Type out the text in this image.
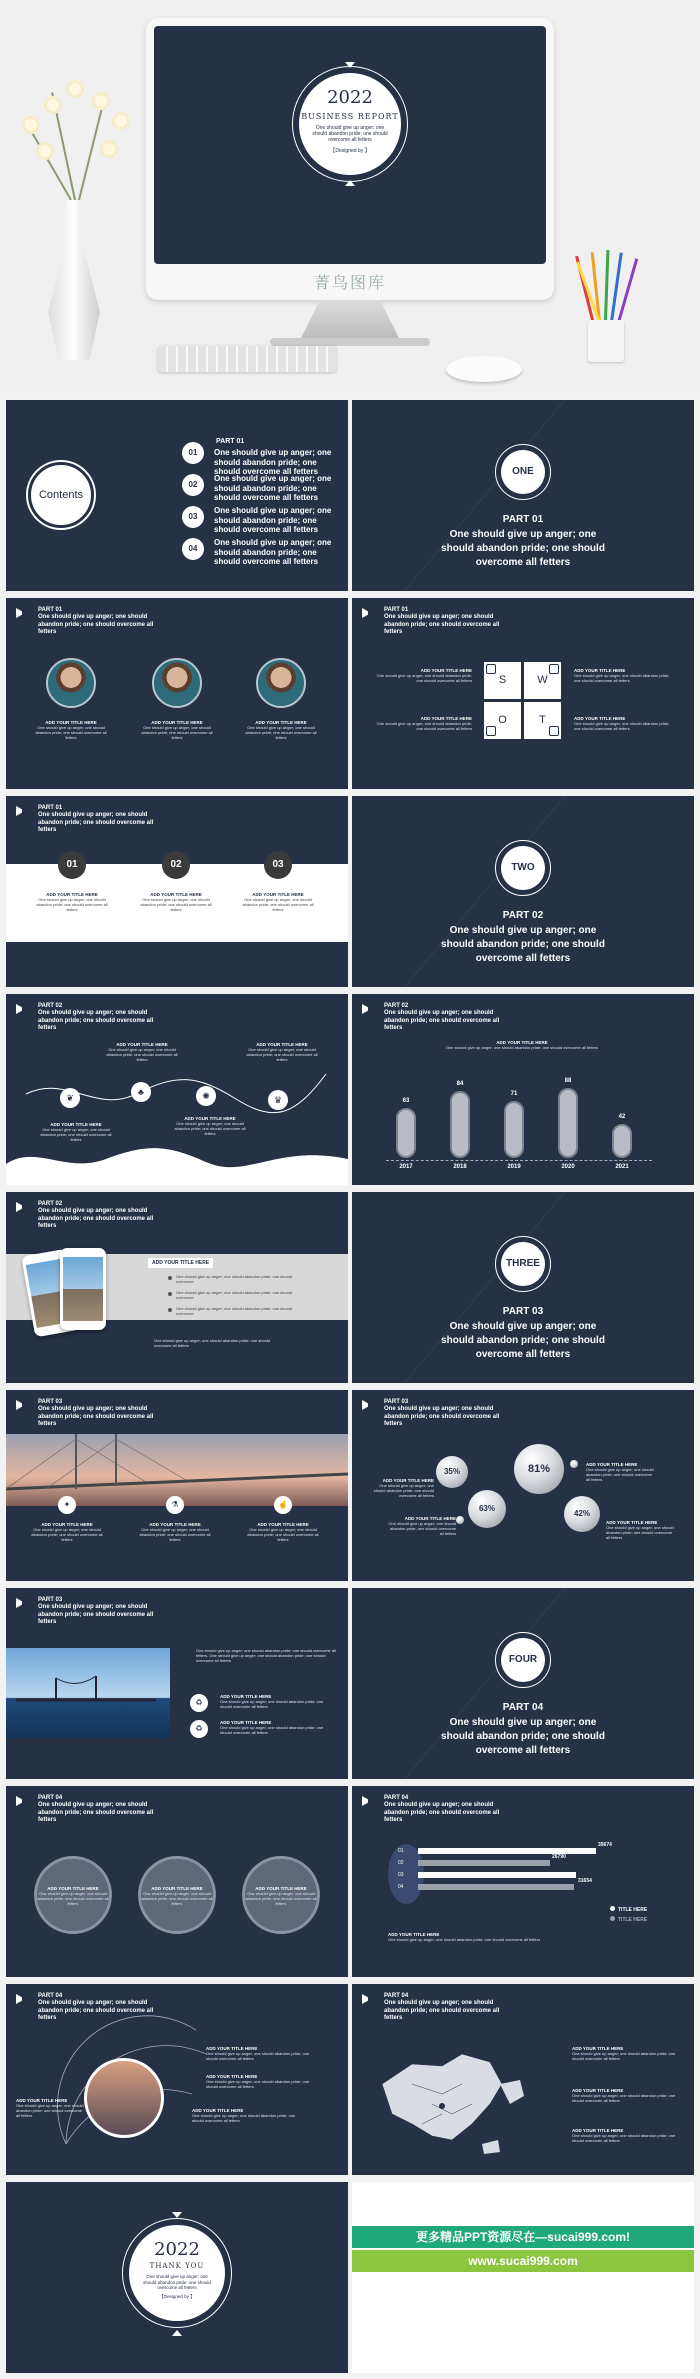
2022
BUSINESS REPORT
One should give up anger; one should abandon pride; one should overcome all fetters
【Designed by 】
菁鸟图库
Contents
PART 01
01	One should give up anger; one should abandon pride; one should overcome all fetters
02
One should give up anger; one should abandon pride; one should overcome all fetters
03
One should give up anger; one should abandon pride; one should overcome all fetters
04
One should give up anger; one should abandon pride; one should overcome all fetters
ONE
PART 01
One should give up anger; one should abandon pride; one should overcome all fetters
PART 01
One should give up anger; one should abandon pride; one should overcome all fetters
ADD YOUR TITLE HERE
One should give up anger; one should abandon pride; one should overcome all fetters
ADD YOUR TITLE HERE
One should give up anger; one should abandon pride; one should overcome all fetters
ADD YOUR TITLE HERE
One should give up anger; one should abandon pride; one should overcome all fetters
PART 01
One should give up anger; one should abandon pride; one should overcome all fetters
S	W
O	T
ADD YOUR TITLE HERE
One should give up anger; one should abandon pride; one should overcome all fetters
ADD YOUR TITLE HERE
One should give up anger; one should abandon pride; one should overcome all fetters
ADD YOUR TITLE HERE
One should give up anger; one should abandon pride; one should overcome all fetters
ADD YOUR TITLE HERE
One should give up anger; one should abandon pride; one should overcome all fetters
PART 01
One should give up anger; one should abandon pride; one should overcome all fetters
01	02	03
ADD YOUR TITLE HERE
One should give up anger; one should abandon pride; one should overcome all fetters
ADD YOUR TITLE HERE
One should give up anger; one should abandon pride; one should overcome all fetters
ADD YOUR TITLE HERE
One should give up anger; one should abandon pride; one should overcome all fetters
TWO
PART 02
One should give up anger; one should abandon pride; one should overcome all fetters
PART 02
One should give up anger; one should abandon pride; one should overcome all fetters
❦
♣	✺	♛
ADD YOUR TITLE HERE
One should give up anger; one should abandon pride; one should overcome all fetters
ADD YOUR TITLE HERE
One should give up anger; one should abandon pride; one should overcome all fetters
ADD YOUR TITLE HERE
One should give up anger; one should abandon pride; one should overcome all fetters
ADD YOUR TITLE HERE
One should give up anger; one should abandon pride; one should overcome all fetters
PART 02
One should give up anger; one should abandon pride; one should overcome all fetters
ADD YOUR TITLE HERE
One should give up anger; one should abandon pride; one should overcome all fetters
63
2017
84
2018
71
2019
88
2020
42
2021
PART 02
One should give up anger; one should abandon pride; one should overcome all fetters
ADD YOUR TITLE HERE
One should give up anger; one should abandon pride; one should overcome
One should give up anger; one should abandon pride; one should overcome
One should give up anger; one should abandon pride; one should overcome
One should give up anger; one should abandon pride; one should overcome all fetters
THREE
PART 03
One should give up anger; one should abandon pride; one should overcome all fetters
PART 03
One should give up anger; one should abandon pride; one should overcome all fetters
✦	⚗	☝
ADD YOUR TITLE HERE
One should give up anger; one should abandon pride; one should overcome all fetters
ADD YOUR TITLE HERE
One should give up anger; one should abandon pride; one should overcome all fetters
ADD YOUR TITLE HERE
One should give up anger; one should abandon pride; one should overcome all fetters
PART 03
One should give up anger; one should abandon pride; one should overcome all fetters
35%	81%
63%
42%
ADD YOUR TITLE HERE
One should give up anger; one should abandon pride; one should overcome all fetters
ADD YOUR TITLE HERE
One should give up anger; one should abandon pride; one should overcome all fetters
ADD YOUR TITLE HERE
One should give up anger; one should abandon pride; one should overcome all fetters
ADD YOUR TITLE HERE
One should give up anger; one should abandon pride; one should overcome all fetters
PART 03
One should give up anger; one should abandon pride; one should overcome all fetters
One should give up anger; one should abandon pride; one should overcome all fetters. One should give up anger; one should abandon pride; one should overcome all fetters
♻
♻
ADD YOUR TITLE HERE
One should give up anger; one should abandon pride; one should overcome all fetters
ADD YOUR TITLE HERE
One should give up anger; one should abandon pride; one should overcome all fetters
FOUR
PART 04
One should give up anger; one should abandon pride; one should overcome all fetters
PART 04
One should give up anger; one should abandon pride; one should overcome all fetters
ADD YOUR TITLE HERE
One should give up anger; one should abandon pride; one should overcome all fetters
ADD YOUR TITLE HERE
One should give up anger; one should abandon pride; one should overcome all fetters
ADD YOUR TITLE HERE
One should give up anger; one should abandon pride; one should overcome all fetters
PART 04
One should give up anger; one should abandon pride; one should overcome all fetters
01
02
03
04
35674
26790
31654
TITLE HERE
TITLE HERE
ADD YOUR TITLE HERE
One should give up anger; one should abandon pride; one should overcome all fetters
PART 04
One should give up anger; one should abandon pride; one should overcome all fetters
ADD YOUR TITLE HERE
One should give up anger; one should abandon pride; one should overcome all fetters
ADD YOUR TITLE HERE
One should give up anger; one should abandon pride; one should overcome all fetters
ADD YOUR TITLE HERE
One should give up anger; one should abandon pride; one should overcome all fetters
ADD YOUR TITLE HERE
One should give up anger; one should abandon pride; one should overcome all fetters
PART 04
One should give up anger; one should abandon pride; one should overcome all fetters
ADD YOUR TITLE HERE
One should give up anger; one should abandon pride; one should overcome all fetters
ADD YOUR TITLE HERE
One should give up anger; one should abandon pride; one should overcome all fetters
ADD YOUR TITLE HERE
One should give up anger; one should abandon pride; one should overcome all fetters
2022
THANK YOU
One should give up anger; one should abandon pride; one should overcome all fetters
【Designed by 】
更多精品PPT资源尽在—sucai999.com!
www.sucai999.com
